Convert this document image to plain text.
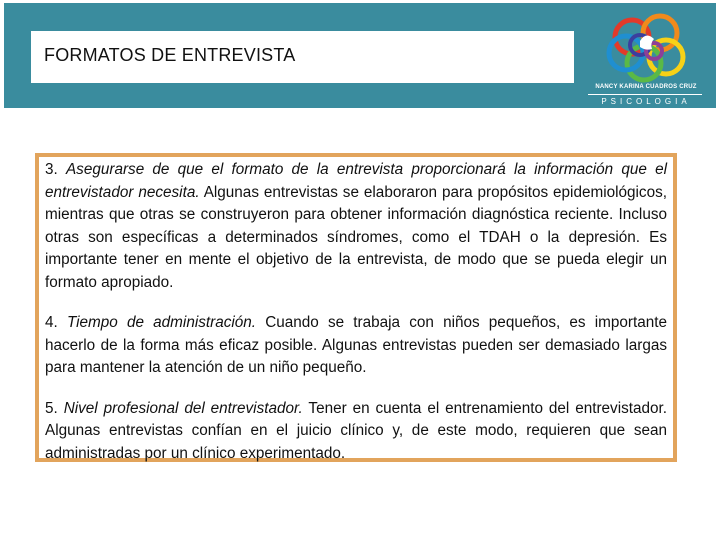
FORMATOS DE ENTREVISTA
NANCY KARINA CUADROS CRUZ
PSICOLOGIA

3. Asegurarse de que el formato de la entrevista proporcionará la información que el entrevistador necesita. Algunas entrevistas se elaboraron para propósitos epidemiológicos, mientras que otras se construyeron para obtener información diagnóstica reciente. Incluso otras son específicas a determinados síndromes, como el TDAH o la depresión. Es importante tener en mente el objetivo de la entrevista, de modo que se pueda elegir un formato apropiado.

4. Tiempo de administración. Cuando se trabaja con niños pequeños, es importante hacerlo de la forma más eficaz posible. Algunas entrevistas pueden ser demasiado largas para mantener la atención de un niño pequeño.

5. Nivel profesional del entrevistador. Tener en cuenta el entrenamiento del entrevistador. Algunas entrevistas confían en el juicio clínico y, de este modo, requieren que sean administradas por un clínico experimentado.
